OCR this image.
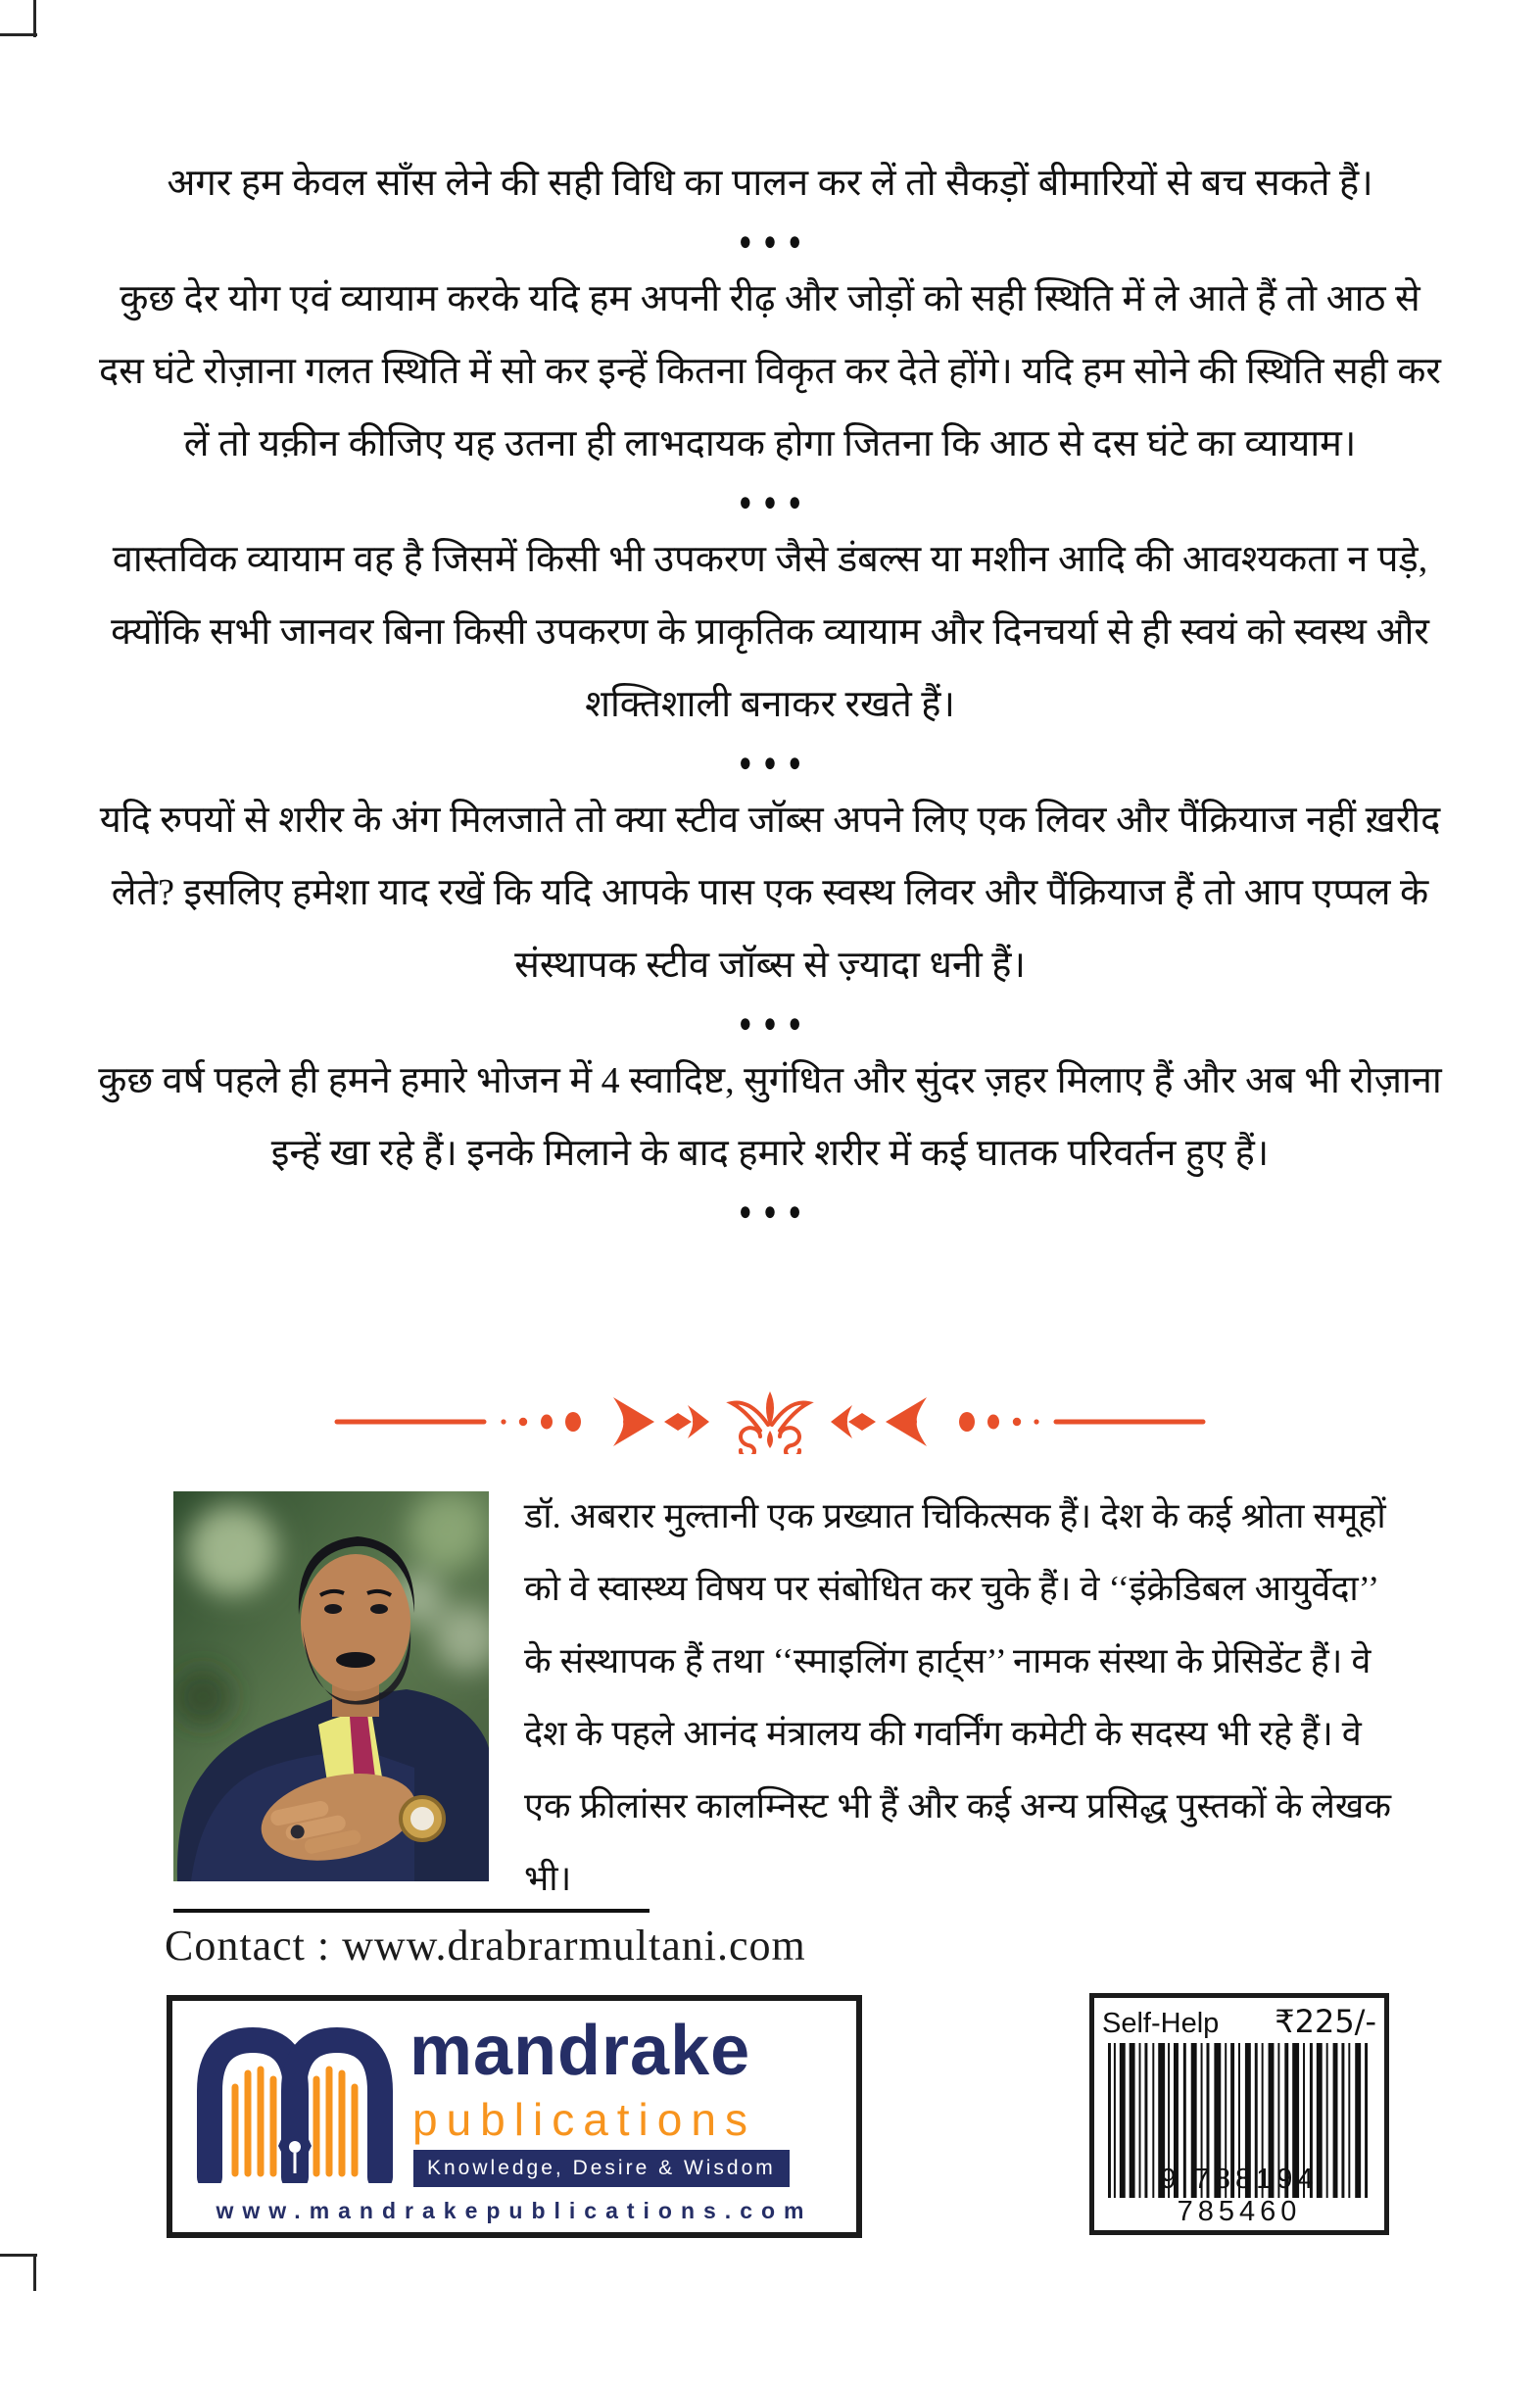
अगर हम केवल साँस लेने की सही विधि का पालन कर लें तो सैकड़ों बीमारियों से बच सकते हैं।

●●●

कुछ देर योग एवं व्यायाम करके यदि हम अपनी रीढ़ और जोड़ों को सही स्थिति में ले आते हैं तो आठ से दस घंटे रोज़ाना गलत स्थिति में सो कर इन्हें कितना विकृत कर देते होंगे। यदि हम सोने की स्थिति सही कर लें तो यक़ीन कीजिए यह उतना ही लाभदायक होगा जितना कि आठ से दस घंटे का व्यायाम।

●●●

वास्तविक व्यायाम वह है जिसमें किसी भी उपकरण जैसे डंबल्स या मशीन आदि की आवश्यकता न पड़े, क्योंकि सभी जानवर बिना किसी उपकरण के प्राकृतिक व्यायाम और दिनचर्या से ही स्वयं को स्वस्थ और शक्तिशाली बनाकर रखते हैं।

●●●

यदि रुपयों से शरीर के अंग मिलजाते तो क्या स्टीव जॉब्स अपने लिए एक लिवर और पैंक्रियाज नहीं ख़रीद लेते? इसलिए हमेशा याद रखें कि यदि आपके पास एक स्वस्थ लिवर और पैंक्रियाज हैं तो आप एप्पल के संस्थापक स्टीव जॉब्स से ज़्यादा धनी हैं।

●●●

कुछ वर्ष पहले ही हमने हमारे भोजन में 4 स्वादिष्ट, सुगंधित और सुंदर ज़हर मिलाए हैं और अब भी रोज़ाना इन्हें खा रहे हैं। इनके मिलाने के बाद हमारे शरीर में कई घातक परिवर्तन हुए हैं।

●●●

डॉ. अबरार मुल्तानी एक प्रख्यात चिकित्सक हैं। देश के कई श्रोता समूहों को वे स्वास्थ्य विषय पर संबोधित कर चुके हैं। वे ‘‘इंक्रेडिबल आयुर्वेदा’’ के संस्थापक हैं तथा ‘‘स्माइलिंग हार्ट्स’’ नामक संस्था के प्रेसिडेंट हैं। वे देश के पहले आनंद मंत्रालय की गवर्निंग कमेटी के सदस्य भी रहे हैं। वे एक फ्रीलांसर कालम्निस्ट भी हैं और कई अन्य प्रसिद्ध पुस्तकों के लेखक भी।

Contact : www.drabrarmultani.com

mandrake

publications

Knowledge, Desire & Wisdom

www.mandrakepublications.com

Self-Help ₹225/-

9 788194 785460
